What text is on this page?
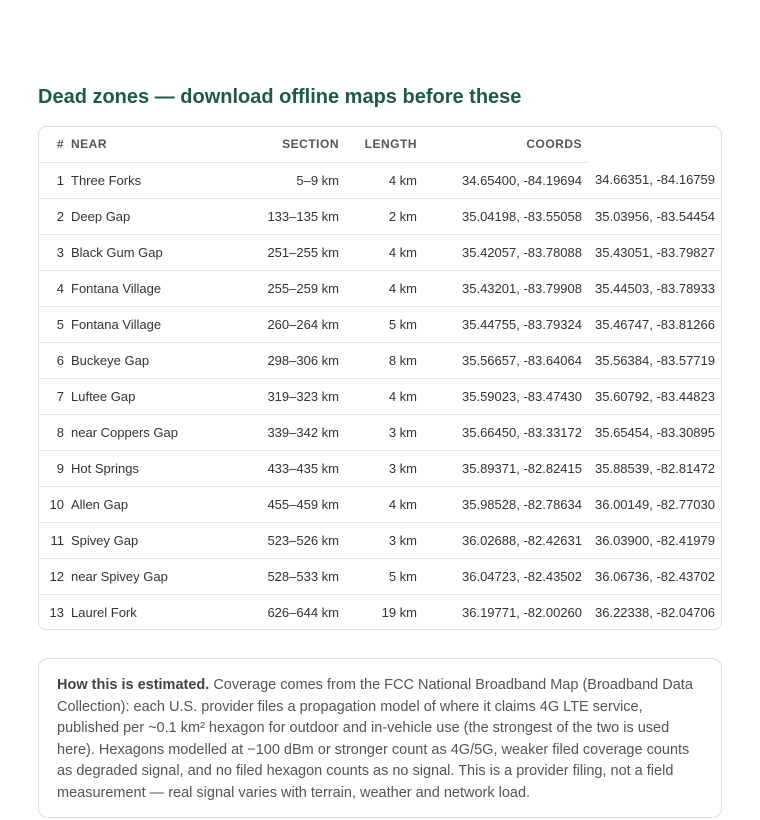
Dead zones — download offline maps before these
#	NEAR	SECTION	LENGTH	COORDS	
1	Three Forks	5–9 km	4 km	34.65400, -84.19694	34.66351, -84.16759
2	Deep Gap	133–135 km	2 km	35.04198, -83.55058	35.03956, -83.54454
3	Black Gum Gap	251–255 km	4 km	35.42057, -83.78088	35.43051, -83.79827
4	Fontana Village	255–259 km	4 km	35.43201, -83.79908	35.44503, -83.78933
5	Fontana Village	260–264 km	5 km	35.44755, -83.79324	35.46747, -83.81266
6	Buckeye Gap	298–306 km	8 km	35.56657, -83.64064	35.56384, -83.57719
7	Luftee Gap	319–323 km	4 km	35.59023, -83.47430	35.60792, -83.44823
8	near Coppers Gap	339–342 km	3 km	35.66450, -83.33172	35.65454, -83.30895
9	Hot Springs	433–435 km	3 km	35.89371, -82.82415	35.88539, -82.81472
10	Allen Gap	455–459 km	4 km	35.98528, -82.78634	36.00149, -82.77030
11	Spivey Gap	523–526 km	3 km	36.02688, -82.42631	36.03900, -82.41979
12	near Spivey Gap	528–533 km	5 km	36.04723, -82.43502	36.06736, -82.43702
13	Laurel Fork	626–644 km	19 km	36.19771, -82.00260	36.22338, -82.04706
How this is estimated. Coverage comes from the FCC National Broadband Map (Broadband Data Collection): each U.S. provider files a propagation model of where it claims 4G LTE service, published per ~0.1 km² hexagon for outdoor and in-vehicle use (the strongest of the two is used here). Hexagons modelled at −100 dBm or stronger count as 4G/5G, weaker filed coverage counts as degraded signal, and no filed hexagon counts as no signal. This is a provider filing, not a field measurement — real signal varies with terrain, weather and network load.
